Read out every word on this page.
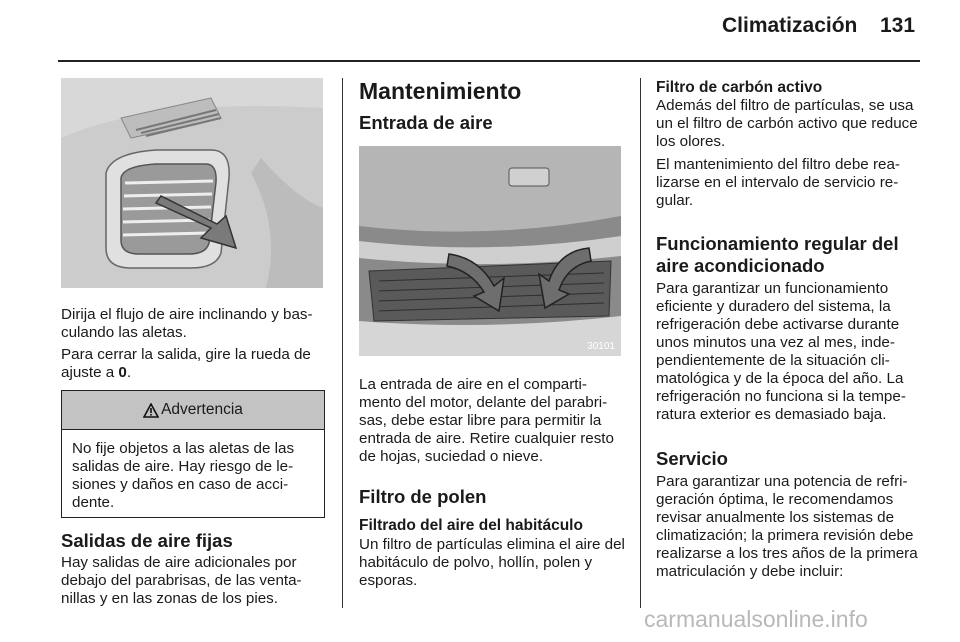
Climatización 131

Dirija el flujo de aire inclinando y bas-culando las aletas.

Para cerrar la salida, gire la rueda de ajuste a 0.

Advertencia

No fije objetos a las aletas de las salidas de aire. Hay riesgo de le-siones y daños en caso de acci-dente.

Salidas de aire fijas

Hay salidas de aire adicionales por debajo del parabrisas, de las venta-nillas y en las zonas de los pies.

Mantenimiento
Entrada de aire
30101

La entrada de aire en el comparti-mento del motor, delante del parabri-sas, debe estar libre para permitir la entrada de aire. Retire cualquier resto de hojas, suciedad o nieve.

Filtro de polen
Filtrado del aire del habitáculo

Un filtro de partículas elimina el aire del habitáculo de polvo, hollín, polen y esporas.

Filtro de carbón activo

Además del filtro de partículas, se usa un el filtro de carbón activo que reduce los olores.

El mantenimiento del filtro debe rea-lizarse en el intervalo de servicio re-gular.

Funcionamiento regular del aire acondicionado

Para garantizar un funcionamiento eficiente y duradero del sistema, la refrigeración debe activarse durante unos minutos una vez al mes, inde-pendientemente de la situación cli-matológica y de la época del año. La refrigeración no funciona si la tempe-ratura exterior es demasiado baja.

Servicio

Para garantizar una potencia de refri-geración óptima, le recomendamos revisar anualmente los sistemas de climatización; la primera revisión debe realizarse a los tres años de la primera matriculación y debe incluir:

carmanualsonline.info
